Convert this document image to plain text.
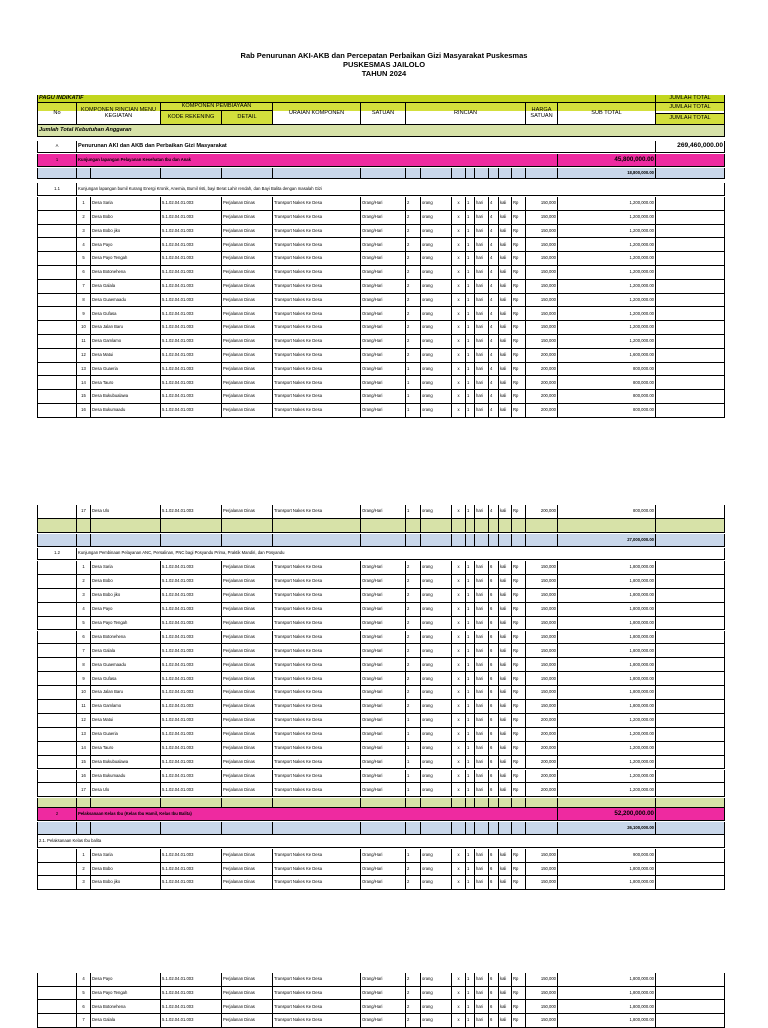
Rab Penurunan AKI-AKB dan Percepatan Perbaikan Gizi Masyarakat Puskesmas
PUSKESMAS JAILOLO
TAHUN 2024
PAGU INDIKATIF	JUMLAH TOTAL
No	KOMPONEN RINCIAN MENU KEGIATAN
KOMPONEN PEMBIAYAAN
URAIAN KOMPONEN	SATUAN	RINCIAN	HARGA SATUAN	SUB TOTAL
JUMLAH TOTAL
KODE REKENING	DETAIL	JUMLAH TOTAL
Jumlah Total Kebutuhan Anggaran
A	Penurunan AKI dan AKB dan Perbaikan Gizi Masyarakat	269,460,000.00
1	Kunjungan lapangan Pelayanan Kesehatan Ibu dan Anak	45,800,000.00
18,800,000.00
1.1	Kunjungan lapangan bumil Kurang Energi Kronik, Anemia, Bumil risti, bayi Berat Lahir rendah, dan Bayi Balita dengan masalah Gizi
1	Desa Saria	5.1.02.04.01.003	Perjalanan Dinas	Transport Nakes Ke Desa	Orang/Hari	2	orang	x	1	hari	4	kali	Rp	150,000	1,200,000.00
2	Desa Bobo	5.1.02.04.01.003	Perjalanan Dinas	Transport Nakes Ke Desa	Orang/Hari	2	orang	x	1	hari	4	kali	Rp	150,000	1,200,000.00
3	Desa Bobo jiko	5.1.02.04.01.003	Perjalanan Dinas	Transport Nakes Ke Desa	Orang/Hari	2	orang	x	1	hari	4	kali	Rp	150,000	1,200,000.00
4	Desa Payo	5.1.02.04.01.003	Perjalanan Dinas	Transport Nakes Ke Desa	Orang/Hari	2	orang	x	1	hari	4	kali	Rp	150,000	1,200,000.00
5	Desa Payo Tengah	5.1.02.04.01.003	Perjalanan Dinas	Transport Nakes Ke Desa	Orang/Hari	2	orang	x	1	hari	4	kali	Rp	150,000	1,200,000.00
6	Desa Botonehena	5.1.02.04.01.003	Perjalanan Dinas	Transport Nakes Ke Desa	Orang/Hari	2	orang	x	1	hari	4	kali	Rp	150,000	1,200,000.00
7	Desa Galala	5.1.02.04.01.003	Perjalanan Dinas	Transport Nakes Ke Desa	Orang/Hari	2	orang	x	1	hari	4	kali	Rp	150,000	1,200,000.00
8	Desa Guaemaadu	5.1.02.04.01.003	Perjalanan Dinas	Transport Nakes Ke Desa	Orang/Hari	2	orang	x	1	hari	4	kali	Rp	150,000	1,200,000.00
9	Desa Gufasa	5.1.02.04.01.003	Perjalanan Dinas	Transport Nakes Ke Desa	Orang/Hari	2	orang	x	1	hari	4	kali	Rp	150,000	1,200,000.00
10	Desa Jalan Baru	5.1.02.04.01.003	Perjalanan Dinas	Transport Nakes Ke Desa	Orang/Hari	2	orang	x	1	hari	4	kali	Rp	150,000	1,200,000.00
11	Desa Gamlamo	5.1.02.04.01.003	Perjalanan Dinas	Transport Nakes Ke Desa	Orang/Hari	2	orang	x	1	hari	4	kali	Rp	150,000	1,200,000.00
12	Desa Matui	5.1.02.04.01.003	Perjalanan Dinas	Transport Nakes Ke Desa	Orang/Hari	2	orang	x	1	hari	4	kali	Rp	200,000	1,600,000.00
13	Desa Guaeria	5.1.02.04.01.003	Perjalanan Dinas	Transport Nakes Ke Desa	Orang/Hari	1	orang	x	1	hari	4	kali	Rp	200,000	800,000.00
14	Desa Tauro	5.1.02.04.01.003	Perjalanan Dinas	Transport Nakes Ke Desa	Orang/Hari	1	orang	x	1	hari	4	kali	Rp	200,000	800,000.00
15	Desa Bukubualawa	5.1.02.04.01.003	Perjalanan Dinas	Transport Nakes Ke Desa	Orang/Hari	1	orang	x	1	hari	4	kali	Rp	200,000	800,000.00
16	Desa Bukumaadu	5.1.02.04.01.003	Perjalanan Dinas	Transport Nakes Ke Desa	Orang/Hari	1	orang	x	1	hari	4	kali	Rp	200,000	800,000.00
17	Desa Ulo	5.1.02.04.01.003	Perjalanan Dinas	Transport Nakes Ke Desa	Orang/Hari	1	orang	x	1	hari	4	kali	Rp	200,000	800,000.00
27,000,000.00
1.2	Kunjungan Pembinaan Pelayanan ANC, Persalinan, PNC bagi Posyandu Prima, Praktik Mandiri, dan Posyandu
1	Desa Saria	5.1.02.04.01.003	Perjalanan Dinas	Transport Nakes Ke Desa	Orang/Hari	2	orang	x	1	hari	6	kali	Rp	150,000	1,800,000.00
2	Desa Bobo	5.1.02.04.01.003	Perjalanan Dinas	Transport Nakes Ke Desa	Orang/Hari	2	orang	x	1	hari	6	kali	Rp	150,000	1,800,000.00
3	Desa Bobo jiko	5.1.02.04.01.003	Perjalanan Dinas	Transport Nakes Ke Desa	Orang/Hari	2	orang	x	1	hari	6	kali	Rp	150,000	1,800,000.00
4	Desa Payo	5.1.02.04.01.003	Perjalanan Dinas	Transport Nakes Ke Desa	Orang/Hari	2	orang	x	1	hari	6	kali	Rp	150,000	1,800,000.00
5	Desa Payo Tengah	5.1.02.04.01.003	Perjalanan Dinas	Transport Nakes Ke Desa	Orang/Hari	2	orang	x	1	hari	6	kali	Rp	150,000	1,800,000.00
6	Desa Botonehena	5.1.02.04.01.003	Perjalanan Dinas	Transport Nakes Ke Desa	Orang/Hari	2	orang	x	1	hari	6	kali	Rp	150,000	1,800,000.00
7	Desa Galala	5.1.02.04.01.003	Perjalanan Dinas	Transport Nakes Ke Desa	Orang/Hari	2	orang	x	1	hari	6	kali	Rp	150,000	1,800,000.00
8	Desa Guaemaadu	5.1.02.04.01.003	Perjalanan Dinas	Transport Nakes Ke Desa	Orang/Hari	2	orang	x	1	hari	6	kali	Rp	150,000	1,800,000.00
9	Desa Gufasa	5.1.02.04.01.003	Perjalanan Dinas	Transport Nakes Ke Desa	Orang/Hari	2	orang	x	1	hari	6	kali	Rp	150,000	1,800,000.00
10	Desa Jalan Baru	5.1.02.04.01.003	Perjalanan Dinas	Transport Nakes Ke Desa	Orang/Hari	2	orang	x	1	hari	6	kali	Rp	150,000	1,800,000.00
11	Desa Gamlamo	5.1.02.04.01.003	Perjalanan Dinas	Transport Nakes Ke Desa	Orang/Hari	2	orang	x	1	hari	6	kali	Rp	150,000	1,800,000.00
12	Desa Matui	5.1.02.04.01.003	Perjalanan Dinas	Transport Nakes Ke Desa	Orang/Hari	1	orang	x	1	hari	6	kali	Rp	200,000	1,200,000.00
13	Desa Guaeria	5.1.02.04.01.003	Perjalanan Dinas	Transport Nakes Ke Desa	Orang/Hari	1	orang	x	1	hari	6	kali	Rp	200,000	1,200,000.00
14	Desa Tauro	5.1.02.04.01.003	Perjalanan Dinas	Transport Nakes Ke Desa	Orang/Hari	1	orang	x	1	hari	6	kali	Rp	200,000	1,200,000.00
15	Desa Bukubualawa	5.1.02.04.01.003	Perjalanan Dinas	Transport Nakes Ke Desa	Orang/Hari	1	orang	x	1	hari	6	kali	Rp	200,000	1,200,000.00
16	Desa Bukumaadu	5.1.02.04.01.003	Perjalanan Dinas	Transport Nakes Ke Desa	Orang/Hari	1	orang	x	1	hari	6	kali	Rp	200,000	1,200,000.00
17	Desa Ulo	5.1.02.04.01.003	Perjalanan Dinas	Transport Nakes Ke Desa	Orang/Hari	1	orang	x	1	hari	6	kali	Rp	200,000	1,200,000.00
2	Pelaksanaan Kelas Ibu (Kelas Ibu Hamil, Kelas Ibu Balita)	52,200,000.00
26,100,000.00
2.1. Pelaksanaan Kelas Ibu balita
1	Desa Saria	5.1.02.04.01.003	Perjalanan Dinas	Transport Nakes Ke Desa	Orang/Hari	1	orang	x	1	hari	6	kali	Rp	150,000	900,000.00
2	Desa Bobo	5.1.02.04.01.003	Perjalanan Dinas	Transport Nakes Ke Desa	Orang/Hari	2	orang	x	1	hari	6	kali	Rp	150,000	1,800,000.00
3	Desa Bobo jiko	5.1.02.04.01.003	Perjalanan Dinas	Transport Nakes Ke Desa	Orang/Hari	2	orang	x	1	hari	6	kali	Rp	150,000	1,800,000.00
4	Desa Payo	5.1.02.04.01.003	Perjalanan Dinas	Transport Nakes Ke Desa	Orang/Hari	2	orang	x	1	hari	6	kali	Rp	150,000	1,800,000.00
5	Desa Payo Tengah	5.1.02.04.01.003	Perjalanan Dinas	Transport Nakes Ke Desa	Orang/Hari	2	orang	x	1	hari	6	kali	Rp	150,000	1,800,000.00
6	Desa Botonehena	5.1.02.04.01.003	Perjalanan Dinas	Transport Nakes Ke Desa	Orang/Hari	2	orang	x	1	hari	6	kali	Rp	150,000	1,800,000.00
7	Desa Galala	5.1.02.04.01.003	Perjalanan Dinas	Transport Nakes Ke Desa	Orang/Hari	2	orang	x	1	hari	6	kali	Rp	150,000	1,800,000.00
